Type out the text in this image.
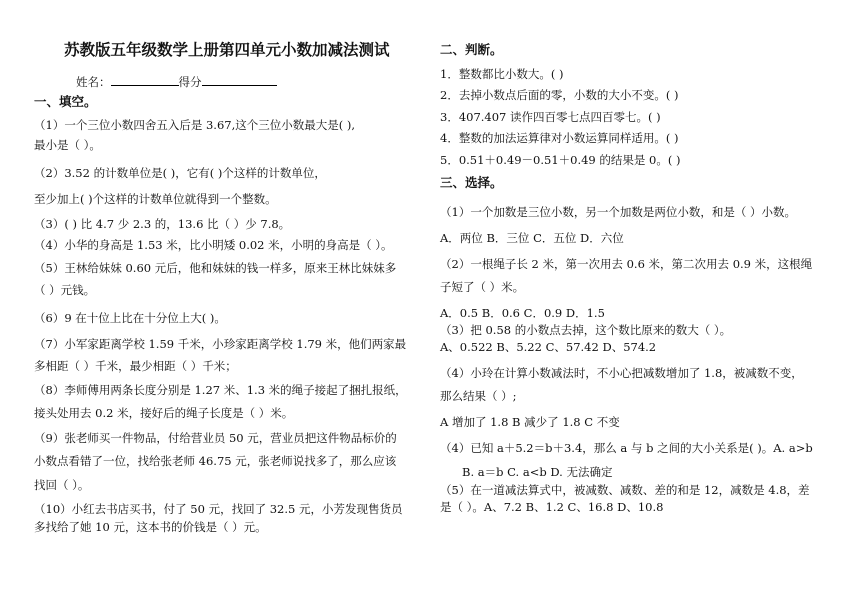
苏教版五年级数学上册第四单元小数加减法测试
姓名：	得分
一、填空。
（1）一个三位小数四舍五入后是 3.67,这个三位小数最大是( ),
最小是（ ）。
（2）3.52 的计数单位是( )，它有( )个这样的计数单位，
至少加上( )个这样的计数单位就得到一个整数。
（3）( ) 比 4.7 少 2.3 的，13.6 比（ ）少 7.8。
（4）小华的身高是 1.53 米，比小明矮 0.02 米，小明的身高是（ ）。
（5）王林给妹妹 0.60 元后，他和妹妹的钱一样多，原来王林比妹妹多
（ ）元钱。
（6）9 在十位上比在十分位上大( )。
（7）小军家距离学校 1.59 千米，小珍家距离学校 1.79 米，他们两家最
多相距（ ）千米，最少相距（ ）千米；
（8）李师傅用两条长度分别是 1.27 米、1.3 米的绳子接起了捆扎报纸，
接头处用去 0.2 米，接好后的绳子长度是（ ）米。
（9）张老师买一件物品，付给营业员 50 元，营业员把这件物品标价的
小数点看错了一位，找给张老师 46.75 元，张老师说找多了，那么应该
找回（ ）。
（10）小红去书店买书，付了 50 元，找回了 32.5 元，小芳发现售货员
多找给了她 10 元，这本书的价钱是（ ）元。
二、判断。
1．整数都比小数大。( )
2．去掉小数点后面的零，小数的大小不变。( )
3．407.407 读作四百零七点四百零七。( )
4．整数的加法运算律对小数运算同样适用。( )
5．0.51＋0.49－0.51＋0.49 的结果是 0。( )
三、选择。
（1）一个加数是三位小数，另一个加数是两位小数，和是（ ）小数。
A．两位 B．三位 C．五位 D．六位
（2）一根绳子长 2 米，第一次用去 0.6 米，第二次用去 0.9 米，这根绳
子短了（ ）米。
A．0.5 B．0.6 C．0.9 D．1.5
（3）把 0.58 的小数点去掉，这个数比原来的数大（ ）。
A、0.522 B、5.22 C、57.42 D、574.2
（4）小玲在计算小数减法时，不小心把减数增加了 1.8，被减数不变，
那么结果（ ）;
A 增加了 1.8 B 减少了 1.8 C 不变
（4）已知 a＋5.2＝b＋3.4，那么 a 与 b 之间的大小关系是( )。A. a>b
B. a＝b C. a<b D. 无法确定
（5）在一道减法算式中，被减数、减数、差的和是 12，减数是 4.8，差
是（ ）。A、7.2 B、1.2 C、16.8 D、10.8
